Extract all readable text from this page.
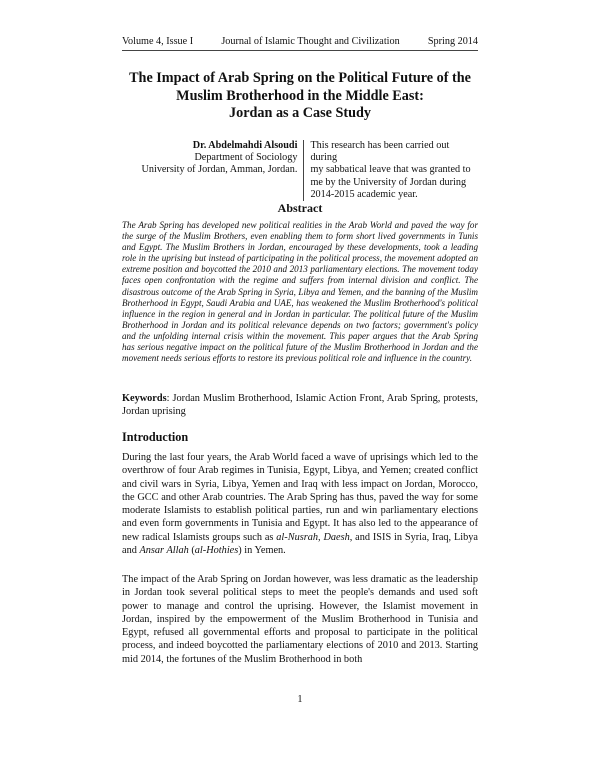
Volume 4, Issue I	Journal of Islamic Thought and Civilization	Spring 2014
The Impact of Arab Spring on the Political Future of the
Muslim Brotherhood in the Middle East:
Jordan as a Case Study
Dr. Abdelmahdi Alsoudi
Department of Sociology
University of Jordan, Amman, Jordan.
This research has been carried out during
my sabbatical leave that was granted to
me by the University of Jordan during
2014-2015 academic year.
Abstract

The Arab Spring has developed new political realities in the Arab World and paved the way for the surge of the Muslim Brothers, even enabling them to form short lived governments in Tunis and Egypt. The Muslim Brothers in Jordan, encouraged by these developments, took a leading role in the uprising but instead of participating in the political process, the movement adopted an extreme position and boycotted the 2010 and 2013 parliamentary elections. The movement today faces open confrontation with the regime and suffers from internal division and conflict. The disastrous outcome of the Arab Spring in Syria, Libya and Yemen, and the banning of the Muslim Brotherhood in Egypt, Saudi Arabia and UAE, has weakened the Muslim Brotherhood's political influence in the region in general and in Jordan in particular. The political future of the Muslim Brotherhood in Jordan and its political relevance depends on two factors; government's policy and the unfolding internal crisis within the movement. This paper argues that the Arab Spring has serious negative impact on the political future of the Muslim Brotherhood in Jordan and the movement needs serious efforts to restore its previous political role and influence in the country.

Keywords: Jordan Muslim Brotherhood, Islamic Action Front, Arab Spring, protests, Jordan uprising

Introduction

During the last four years, the Arab World faced a wave of uprisings which led to the overthrow of four Arab regimes in Tunisia, Egypt, Libya, and Yemen; created conflict and civil wars in Syria, Libya, Yemen and Iraq with less impact on Jordan, Morocco, the GCC and other Arab countries. The Arab Spring has thus, paved the way for some moderate Islamists to establish political parties, run and win parliamentary elections and even form governments in Tunisia and Egypt. It has also led to the appearance of new radical Islamists groups such as al-Nusrah, Daesh, and ISIS in Syria, Iraq, Libya and Ansar Allah (al-Hothies) in Yemen.

The impact of the Arab Spring on Jordan however, was less dramatic as the leadership in Jordan took several political steps to meet the people's demands and used soft power to manage and control the uprising. However, the Islamist movement in Jordan, inspired by the empowerment of the Muslim Brotherhood in Tunisia and Egypt, refused all governmental efforts and proposal to participate in the political process, and indeed boycotted the parliamentary elections of 2010 and 2013. Starting mid 2014, the fortunes of the Muslim Brotherhood in both

1
